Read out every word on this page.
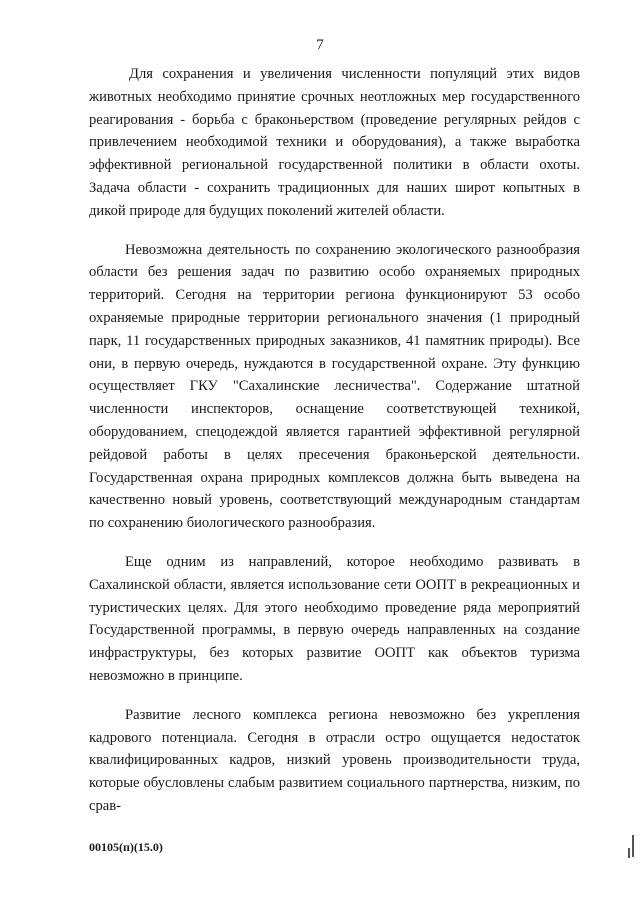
7

Для сохранения и увеличения численности популяций этих видов животных необходимо принятие срочных неотложных мер государственного реагирования - борьба с браконьерством (проведение регулярных рейдов с привлечением необходимой техники и оборудования), а также выработка эффективной региональной государственной политики в области охоты. Задача области - сохранить традиционных для наших широт копытных в дикой природе для будущих поколений жителей области.

Невозможна деятельность по сохранению экологического разнообразия области без решения задач по развитию особо охраняемых природных территорий. Сегодня на территории региона функционируют 53 особо охраняемые природные территории регионального значения (1 природный парк, 11 государственных природных заказников, 41 памятник природы). Все они, в первую очередь, нуждаются в государственной охране. Эту функцию осуществляет ГКУ "Сахалинские лесничества". Содержание штатной численности инспекторов, оснащение соответствующей техникой, оборудованием, спецодеждой является гарантией эффективной регулярной рейдовой работы в целях пресечения браконьерской деятельности. Государственная охрана природных комплексов должна быть выведена на качественно новый уровень, соответствующий международным стандартам по сохранению биологического разнообразия.

Еще одним из направлений, которое необходимо развивать в Сахалинской области, является использование сети ООПТ в рекреационных и туристических целях. Для этого необходимо проведение ряда мероприятий Государственной программы, в первую очередь направленных на создание инфраструктуры, без которых развитие ООПТ как объектов туризма невозможно в принципе.

Развитие лесного комплекса региона невозможно без укрепления кадрового потенциала. Сегодня в отрасли остро ощущается недостаток квалифицированных кадров, низкий уровень производительности труда, которые обусловлены слабым развитием социального партнерства, низким, по срав-

00105(п)(15.0)
